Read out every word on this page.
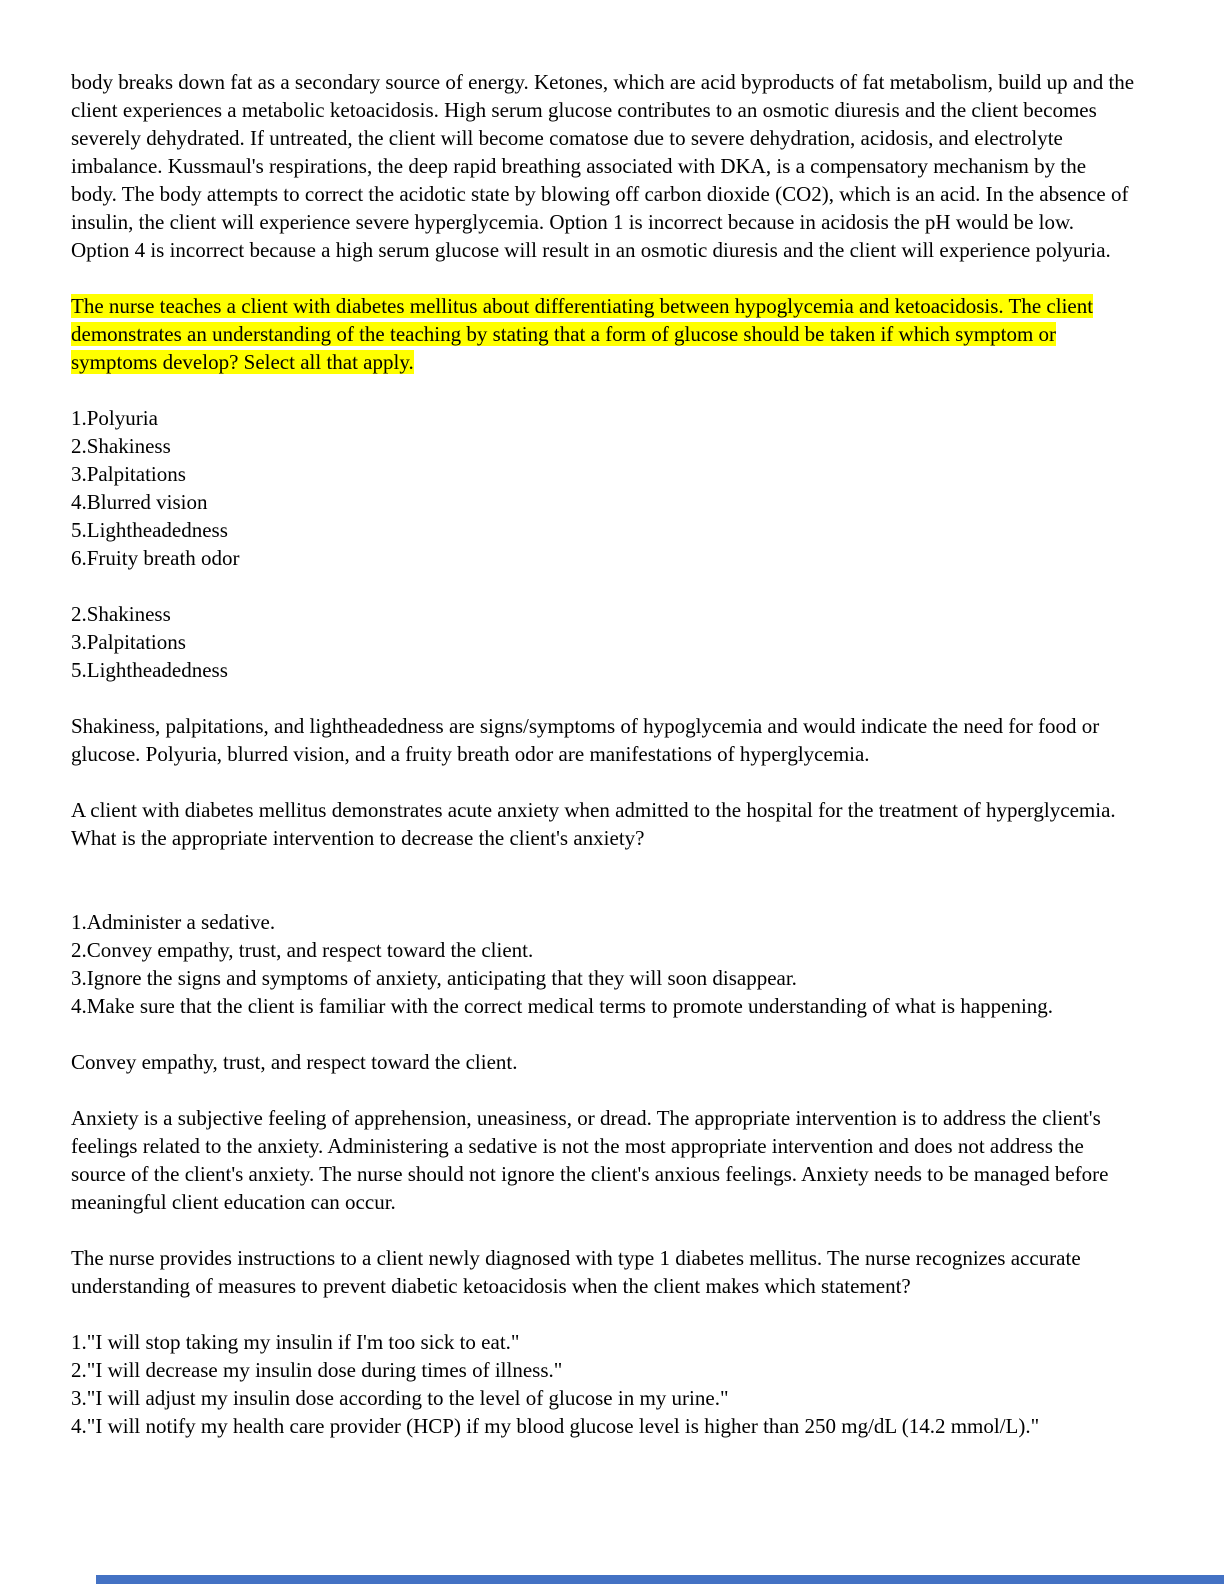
body breaks down fat as a secondary source of energy. Ketones, which are acid byproducts of fat metabolism, build up and the client experiences a metabolic ketoacidosis. High serum glucose contributes to an osmotic diuresis and the client becomes severely dehydrated. If untreated, the client will become comatose due to severe dehydration, acidosis, and electrolyte imbalance. Kussmaul's respirations, the deep rapid breathing associated with DKA, is a compensatory mechanism by the body. The body attempts to correct the acidotic state by blowing off carbon dioxide (CO2), which is an acid. In the absence of insulin, the client will experience severe hyperglycemia. Option 1 is incorrect because in acidosis the pH would be low. Option 4 is incorrect because a high serum glucose will result in an osmotic diuresis and the client will experience polyuria.

The nurse teaches a client with diabetes mellitus about differentiating between hypoglycemia and ketoacidosis. The client demonstrates an understanding of the teaching by stating that a form of glucose should be taken if which symptom or symptoms develop? Select all that apply.

1.Polyuria
2.Shakiness
3.Palpitations
4.Blurred vision
5.Lightheadedness
6.Fruity breath odor
2.Shakiness
3.Palpitations
5.Lightheadedness

Shakiness, palpitations, and lightheadedness are signs/symptoms of hypoglycemia and would indicate the need for food or glucose. Polyuria, blurred vision, and a fruity breath odor are manifestations of hyperglycemia.

A client with diabetes mellitus demonstrates acute anxiety when admitted to the hospital for the treatment of hyperglycemia. What is the appropriate intervention to decrease the client's anxiety?

1.Administer a sedative.
2.Convey empathy, trust, and respect toward the client.
3.Ignore the signs and symptoms of anxiety, anticipating that they will soon disappear.
4.Make sure that the client is familiar with the correct medical terms to promote understanding of what is happening.

Convey empathy, trust, and respect toward the client.

Anxiety is a subjective feeling of apprehension, uneasiness, or dread. The appropriate intervention is to address the client's feelings related to the anxiety. Administering a sedative is not the most appropriate intervention and does not address the source of the client's anxiety. The nurse should not ignore the client's anxious feelings. Anxiety needs to be managed before meaningful client education can occur.

The nurse provides instructions to a client newly diagnosed with type 1 diabetes mellitus. The nurse recognizes accurate understanding of measures to prevent diabetic ketoacidosis when the client makes which statement?

1."I will stop taking my insulin if I'm too sick to eat."
2."I will decrease my insulin dose during times of illness."
3."I will adjust my insulin dose according to the level of glucose in my urine."
4."I will notify my health care provider (HCP) if my blood glucose level is higher than 250 mg/dL (14.2 mmol/L)."
